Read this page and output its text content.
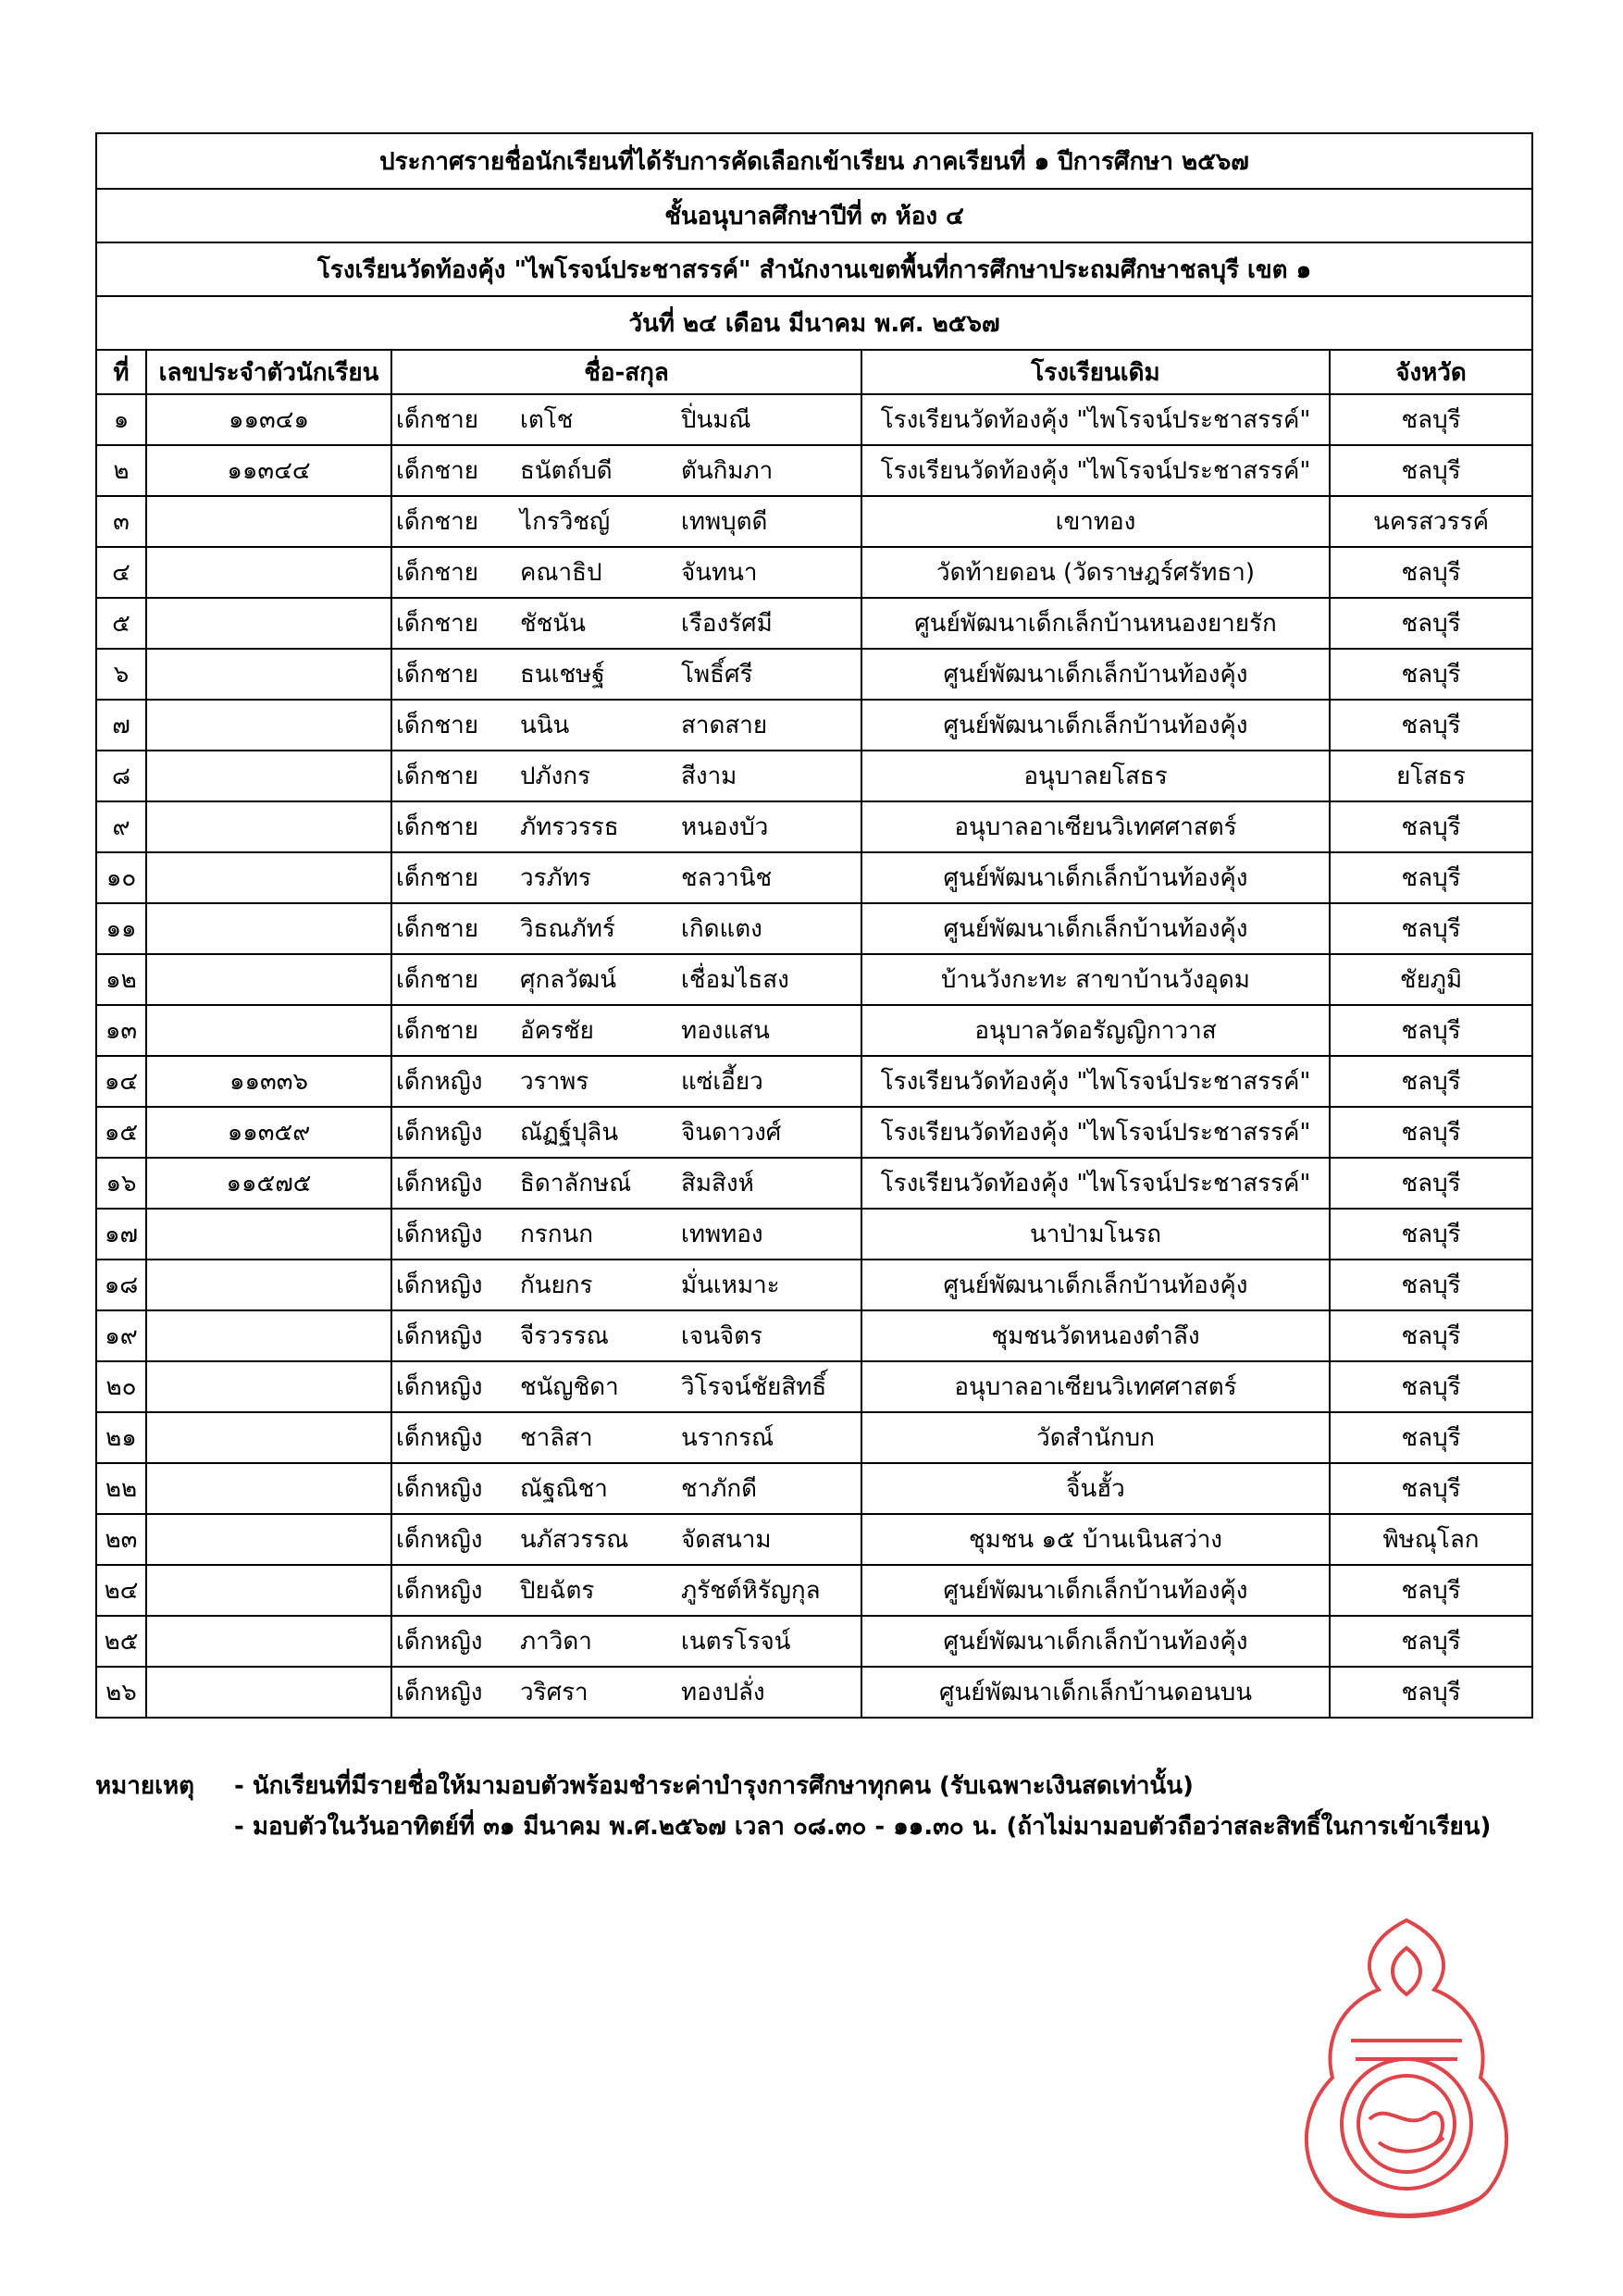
ประกาศรายชื่อนักเรียนที่ได้รับการคัดเลือกเข้าเรียน ภาคเรียนที่ ๑ ปีการศึกษา ๒๕๖๗				
ชั้นอนุบาลศึกษาปีที่ ๓ ห้อง ๔				
โรงเรียนวัดท้องคุ้ง "ไพโรจน์ประชาสรรค์" สำนักงานเขตพื้นที่การศึกษาประถมศึกษาชลบุรี เขต ๑				
วันที่ ๒๔ เดือน มีนาคม พ.ศ. ๒๕๖๗				
ที่	เลขประจำตัวนักเรียน	ชื่อ-สกุล	โรงเรียนเดิม	จังหวัด
๑	๑๑๓๔๑	เด็กชาย เตโช ปิ่นมณี	โรงเรียนวัดท้องคุ้ง "ไพโรจน์ประชาสรรค์"	ชลบุรี
๒	๑๑๓๔๔	เด็กชาย ธนัตถ์บดี ตันกิมภา	โรงเรียนวัดท้องคุ้ง "ไพโรจน์ประชาสรรค์"	ชลบุรี
๓		เด็กชาย ไกรวิชญ์ เทพบุตดี	เขาทอง	นครสวรรค์
๔		เด็กชาย คณาธิป จันทนา	วัดท้ายดอน (วัดราษฎร์ศรัทธา)	ชลบุรี
๕		เด็กชาย ชัชนัน เรืองรัศมี	ศูนย์พัฒนาเด็กเล็กบ้านหนองยายรัก	ชลบุรี
๖		เด็กชาย ธนเชษฐ์ โพธิ์ศรี	ศูนย์พัฒนาเด็กเล็กบ้านท้องคุ้ง	ชลบุรี
๗		เด็กชาย นนิน สาดสาย	ศูนย์พัฒนาเด็กเล็กบ้านท้องคุ้ง	ชลบุรี
๘		เด็กชาย ปภังกร สีงาม	อนุบาลยโสธร	ยโสธร
๙		เด็กชาย ภัทรวรรธ หนองบัว	อนุบาลอาเซียนวิเทศศาสตร์	ชลบุรี
๑๐		เด็กชาย วรภัทร ชลวานิช	ศูนย์พัฒนาเด็กเล็กบ้านท้องคุ้ง	ชลบุรี
๑๑		เด็กชาย วิธณภัทร์ เกิดแตง	ศูนย์พัฒนาเด็กเล็กบ้านท้องคุ้ง	ชลบุรี
๑๒		เด็กชาย ศุกลวัฒน์ เชื่อมไธสง	บ้านวังกะทะ สาขาบ้านวังอุดม	ชัยภูมิ
๑๓		เด็กชาย อัครชัย ทองแสน	อนุบาลวัดอรัญญิกาวาส	ชลบุรี
๑๔	๑๑๓๓๖	เด็กหญิง วราพร แซ่เอี้ยว	โรงเรียนวัดท้องคุ้ง "ไพโรจน์ประชาสรรค์"	ชลบุรี
๑๕	๑๑๓๕๙	เด็กหญิง ณัฏฐ์ปุลิน จินดาวงศ์	โรงเรียนวัดท้องคุ้ง "ไพโรจน์ประชาสรรค์"	ชลบุรี
๑๖	๑๑๕๗๕	เด็กหญิง ธิดาลักษณ์ สิมสิงห์	โรงเรียนวัดท้องคุ้ง "ไพโรจน์ประชาสรรค์"	ชลบุรี
๑๗		เด็กหญิง กรกนก เทพทอง	นาป่ามโนรถ	ชลบุรี
๑๘		เด็กหญิง กันยกร มั่นเหมาะ	ศูนย์พัฒนาเด็กเล็กบ้านท้องคุ้ง	ชลบุรี
๑๙		เด็กหญิง จีรวรรณ เจนจิตร	ชุมชนวัดหนองตำลึง	ชลบุรี
๒๐		เด็กหญิง ชนัญชิดา วิโรจน์ชัยสิทธิ์	อนุบาลอาเซียนวิเทศศาสตร์	ชลบุรี
๒๑		เด็กหญิง ชาลิสา นรากรณ์	วัดสำนักบก	ชลบุรี
๒๒		เด็กหญิง ณัฐณิชา ชาภักดี	จิ้นฮั้ว	ชลบุรี
๒๓		เด็กหญิง นภัสวรรณ จัดสนาม	ชุมชน ๑๕ บ้านเนินสว่าง	พิษณุโลก
๒๔		เด็กหญิง ปิยฉัตร ภูรัชต์หิรัญกุล	ศูนย์พัฒนาเด็กเล็กบ้านท้องคุ้ง	ชลบุรี
๒๕		เด็กหญิง ภาวิดา เนตรโรจน์	ศูนย์พัฒนาเด็กเล็กบ้านท้องคุ้ง	ชลบุรี
๒๖		เด็กหญิง วริศรา ทองปลั่ง	ศูนย์พัฒนาเด็กเล็กบ้านดอนบน	ชลบุรี
หมายเหตุ	- นักเรียนที่มีรายชื่อให้มามอบตัวพร้อมชำระค่าบำรุงการศึกษาทุกคน (รับเฉพาะเงินสดเท่านั้น)
- มอบตัวในวันอาทิตย์ที่ ๓๑ มีนาคม พ.ศ.๒๕๖๗ เวลา ๐๘.๓๐ - ๑๑.๓๐ น. (ถ้าไม่มามอบตัวถือว่าสละสิทธิ์ในการเข้าเรียน)
